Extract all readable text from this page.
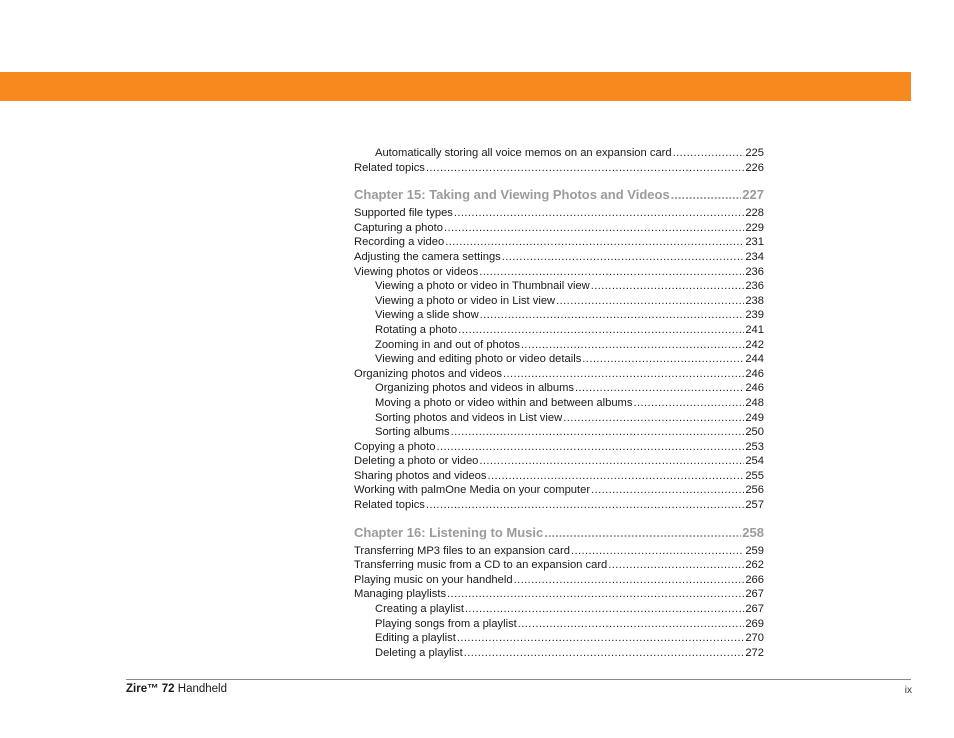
Automatically storing all voice memos on an expansion card .....	225
Related topics .....	226
Chapter 15: Taking and Viewing Photos and Videos .....	227
Supported file types .....	228
Capturing a photo .....	229
Recording a video .....	231
Adjusting the camera settings .....	234
Viewing photos or videos .....	236
Viewing a photo or video in Thumbnail view .....	236
Viewing a photo or video in List view .....	238
Viewing a slide show .....	239
Rotating a photo .....	241
Zooming in and out of photos .....	242
Viewing and editing photo or video details .....	244
Organizing photos and videos .....	246
Organizing photos and videos in albums .....	246
Moving a photo or video within and between albums .....	248
Sorting photos and videos in List view .....	249
Sorting albums .....	250
Copying a photo .....	253
Deleting a photo or video .....	254
Sharing photos and videos .....	255
Working with palmOne Media on your computer .....	256
Related topics .....	257
Chapter 16: Listening to Music .....	258
Transferring MP3 files to an expansion card .....	259
Transferring music from a CD to an expansion card .....	262
Playing music on your handheld .....	266
Managing playlists .....	267
Creating a playlist .....	267
Playing songs from a playlist .....	269
Editing a playlist .....	270
Deleting a playlist .....	272
Zire™ 72 Handheld	ix
